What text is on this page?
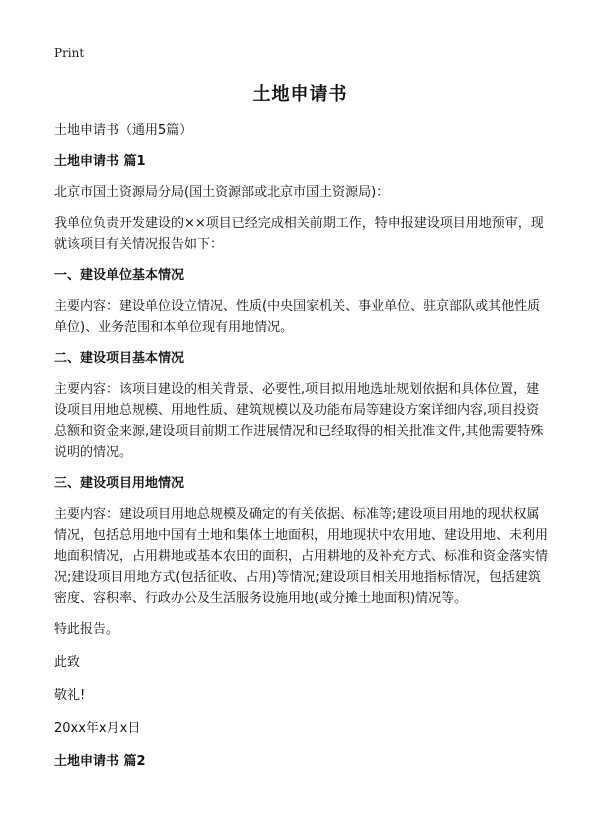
Print
土地申请书

土地申请书（通用5篇）

土地申请书 篇1

北京市国土资源局分局(国土资源部或北京市国土资源局)：

我单位负责开发建设的××项目已经完成相关前期工作，特申报建设项目用地预审，现就该项目有关情况报告如下：

一、建设单位基本情况

主要内容：建设单位设立情况、性质(中央国家机关、事业单位、驻京部队或其他性质单位)、业务范围和本单位现有用地情况。

二、建设项目基本情况

主要内容：该项目建设的相关背景、必要性,项目拟用地选址规划依据和具体位置，建设项目用地总规模、用地性质、建筑规模以及功能布局等建设方案详细内容,项目投资总额和资金来源,建设项目前期工作进展情况和已经取得的相关批准文件,其他需要特殊说明的情况。

三、建设项目用地情况

主要内容：建设项目用地总规模及确定的有关依据、标准等;建设项目用地的现状权属情况，包括总用地中国有土地和集体土地面积，用地现状中农用地、建设用地、未利用地面积情况，占用耕地或基本农田的面积，占用耕地的及补充方式、标准和资金落实情况;建设项目用地方式(包括征收、占用)等情况;建设项目相关用地指标情况，包括建筑密度、容积率、行政办公及生活服务设施用地(或分摊土地面积)情况等。

特此报告。

此致

敬礼!

20xx年x月x日

土地申请书 篇2
